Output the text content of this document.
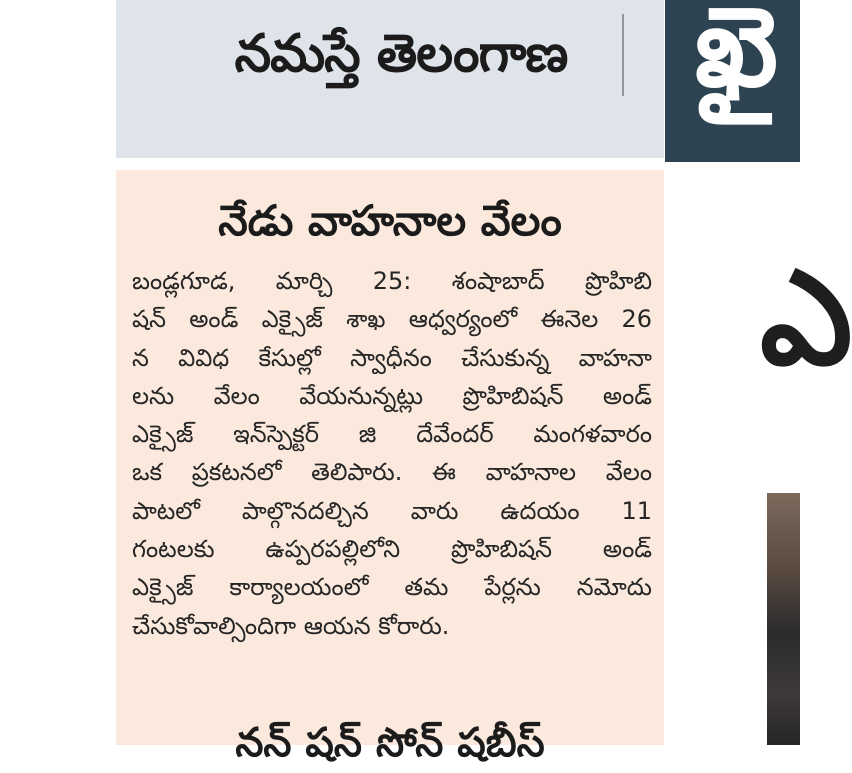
నమస్తే తెలంగాణ	ఖై
నేడు వాహనాల వేలం
బండ్లగూడ, మార్చి 25: శంషాబాద్ ప్రొహిబి
షన్ అండ్ ఎక్సైజ్ శాఖ ఆధ్వర్యంలో ఈనెల 26
న వివిధ కేసుల్లో స్వాధీనం చేసుకున్న వాహనా
లను వేలం వేయనున్నట్లు ప్రొహిబిషన్ అండ్
ఎక్సైజ్ ఇన్‌స్పెక్టర్ జి దేవేందర్ మంగళవారం
ఒక ప్రకటనలో తెలిపారు. ఈ వాహనాల వేలం
పాటలో పాల్గొనదల్చిన వారు ఉదయం 11
గంటలకు ఉప్పరపల్లిలోని ప్రొహిబిషన్ అండ్
ఎక్సైజ్ కార్యాలయంలో తమ పేర్లను నమోదు
చేసుకోవాల్సిందిగా ఆయన కోరారు.
నన్ షన్ సోన్ షబీస్
ఎ
